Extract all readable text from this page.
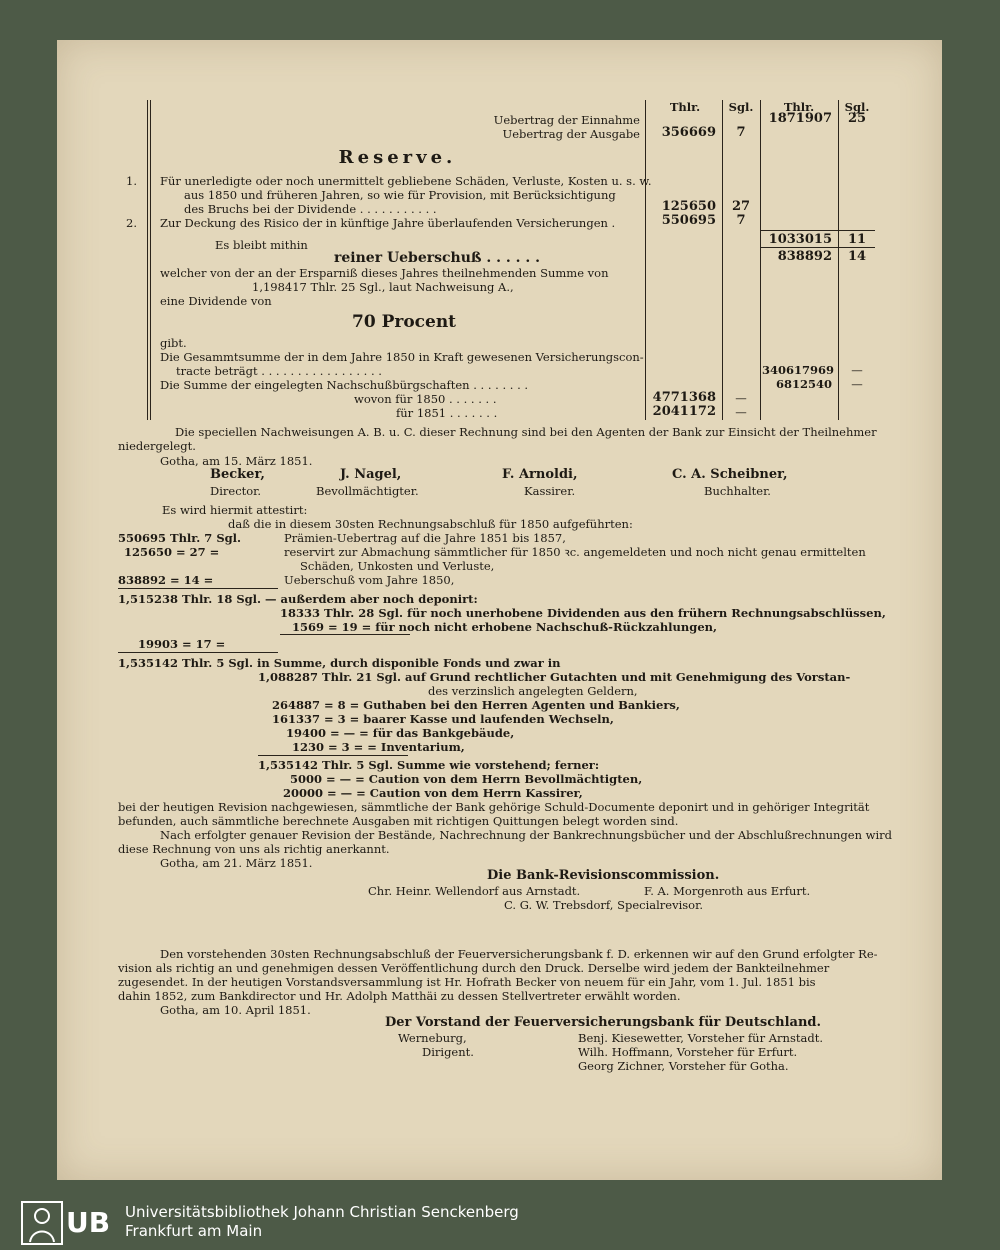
Thlr.	Sgl.	Thlr.	Sgl.
Uebertrag der Einnahme	1871907	25
Uebertrag der Ausgabe	356669	7
Reserve.
1. Für unerledigte oder noch unermittelt gebliebene Schäden, Verluste, Kosten u. s. w.
aus 1850 und früheren Jahren, so wie für Provision, mit Berücksichtigung
des Bruchs bei der Dividende . . . . . . . . . . .	125650	27
2. Zur Deckung des Risico der in künftige Jahre überlaufenden Versicherungen .	550695	7
1033015	11
Es bleibt mithin
reiner Ueberschuß . . . . . .	838892	14
welcher von der an der Ersparniß dieses Jahres theilnehmenden Summe von
1,198417 Thlr. 25 Sgl., laut Nachweisung A.,
eine Dividende von
70 Procent
gibt.
Die Gesammtsumme der in dem Jahre 1850 in Kraft gewesenen Versicherungscon-
tracte beträgt . . . . . . . . . . . . . . . . .	340617969	—
Die Summe der eingelegten Nachschußbürgschaften . . . . . . . .	6812540	—
wovon für 1850 . . . . . . .	4771368	—
für 1851 . . . . . . .	2041172	—
Die speciellen Nachweisungen A. B. u. C. dieser Rechnung sind bei den Agenten der Bank zur Einsicht der Theilnehmer
niedergelegt.
Gotha, am 15. März 1851.
Becker,
Director.
J. Nagel,
Bevollmächtigter.
F. Arnoldi,
Kassirer.
C. A. Scheibner,
Buchhalter.
Es wird hiermit attestirt:
daß die in diesem 30sten Rechnungsabschluß für 1850 aufgeführten:
550695 Thlr. 7 Sgl.	Prämien-Uebertrag auf die Jahre 1851 bis 1857,
125650 = 27 =	reservirt zur Abmachung sämmtlicher für 1850 ꝛc. angemeldeten und noch nicht genau ermittelten
Schäden, Unkosten und Verluste,
838892 = 14 =	Ueberschuß vom Jahre 1850,
1,515238 Thlr. 18 Sgl. — außerdem aber noch deponirt:
18333 Thlr. 28 Sgl. für noch unerhobene Dividenden aus den frühern Rechnungsabschlüssen,
1569 = 19 = für noch nicht erhobene Nachschuß-Rückzahlungen,
19903 = 17 =
1,535142 Thlr. 5 Sgl. in Summe, durch disponible Fonds und zwar in
1,088287 Thlr. 21 Sgl. auf Grund rechtlicher Gutachten und mit Genehmigung des Vorstan-
des verzinslich angelegten Geldern,
264887 = 8 = Guthaben bei den Herren Agenten und Bankiers,
161337 = 3 = baarer Kasse und laufenden Wechseln,
19400 = — = für das Bankgebäude,
1230 = 3 = = Inventarium,
1,535142 Thlr. 5 Sgl. Summe wie vorstehend; ferner:
5000 = — = Caution von dem Herrn Bevollmächtigten,
20000 = — = Caution von dem Herrn Kassirer,
bei der heutigen Revision nachgewiesen, sämmtliche der Bank gehörige Schuld-Documente deponirt und in gehöriger Integrität
befunden, auch sämmtliche berechnete Ausgaben mit richtigen Quittungen belegt worden sind.
Nach erfolgter genauer Revision der Bestände, Nachrechnung der Bankrechnungsbücher und der Abschlußrechnungen wird
diese Rechnung von uns als richtig anerkannt.
Gotha, am 21. März 1851.
Die Bank-Revisionscommission.
Chr. Heinr. Wellendorf aus Arnstadt.	F. A. Morgenroth aus Erfurt.
C. G. W. Trebsdorf, Specialrevisor.
Den vorstehenden 30sten Rechnungsabschluß der Feuerversicherungsbank f. D. erkennen wir auf den Grund erfolgter Re-
vision als richtig an und genehmigen dessen Veröffentlichung durch den Druck. Derselbe wird jedem der Bankteilnehmer
zugesendet. In der heutigen Vorstandsversammlung ist Hr. Hofrath Becker von neuem für ein Jahr, vom 1. Jul. 1851 bis
dahin 1852, zum Bankdirector und Hr. Adolph Matthäi zu dessen Stellvertreter erwählt worden.
Gotha, am 10. April 1851.
Der Vorstand der Feuerversicherungsbank für Deutschland.
Werneburg,
Dirigent.
Benj. Kiesewetter, Vorsteher für Arnstadt.
Wilh. Hoffmann, Vorsteher für Erfurt.
Georg Zichner, Vorsteher für Gotha.
UB Universitätsbibliothek Johann Christian Senckenberg
Frankfurt am Main
